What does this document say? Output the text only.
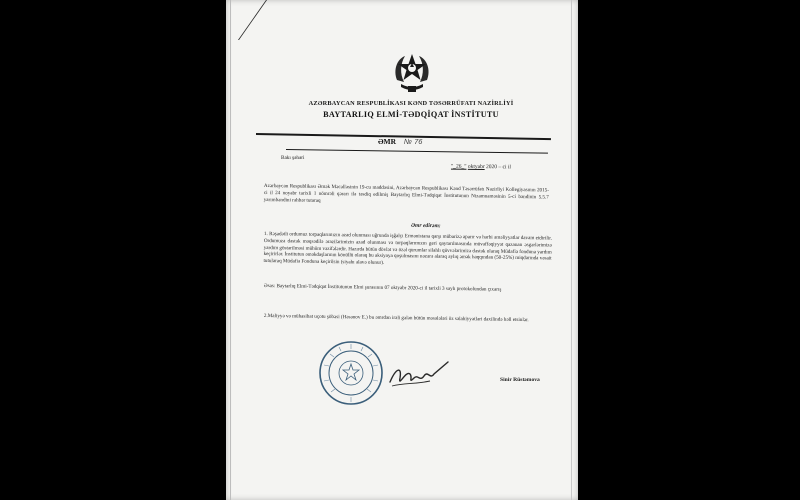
AZƏRBAYCAN RESPUBLİKASI KƏND TƏSƏRRÜFATI NAZİRLİYİ
BAYTARLIQ ELMİ-TƏDQİQAT İNSTİTUTU
ƏMR № 76
Bakı şəhəri
"_26_" oktyabr 2020 – ci il
Azərbaycan Respublikası Əmək Məcəlləsinin 19-cu maddəsini, Azərbaycan Respublikası Kənd Təsərrüfatı Nazirliyi Kollegiyasının 2015-ci il 24 noyabr tarixli 1 nömrəli qərarı ilə təsdiq edilmiş Baytarlıq Elmi-Tədqiqat İnstitutunun Nizamnaməsinin 5-ci bəndinin 5.5.7 yarımbəndini rəhbər tutaraq
Əmr edirəm:
1. Rəşadətli ordumuz torpaqlarımızın azad olunması uğrunda işğalçı Ermənistana qarşı mübarizə aparır və hərbi əməliyyatlar davam etdirilir. Ordumuza dəstək məqsədilə ərazilərimizin azad olunması və torpaqlarımızın geri qaytarılmasında müvəffəqiyyət qazanan əsgərlərimizə yardım göstərilməsi mühüm vəzifələrdir. Hazırda bütün dövlət və özəl qurumlar silahlı qüvvələrimizə dəstək olaraq Müdafiə fonduna yardım keçirirlər. İnstitutun əməkdaşlarının könüllü olaraq bu aksiyaya qoşulmasını nəzərə alaraq aylıq əmək haqqından (50-25%) miqdarında vəsait tutularaq Müdafiə Fonduna keçirilsin (siyahı əlavə olunur).
Əsas: Baytarlıq Elmi-Tədqiqat İnstitutunun Elmi şurasının 07 oktyabr 2020-ci il tarixli 3 saylı protokolundan çıxarış
2.Maliyyə və mühasibat uçotu şöbəsi (Həsənov E.) bu əmrdən irəli gələn bütün məsələləri öz səlahiyyətləri daxilində həll etsinlər.
Sinir Rüstəmova
